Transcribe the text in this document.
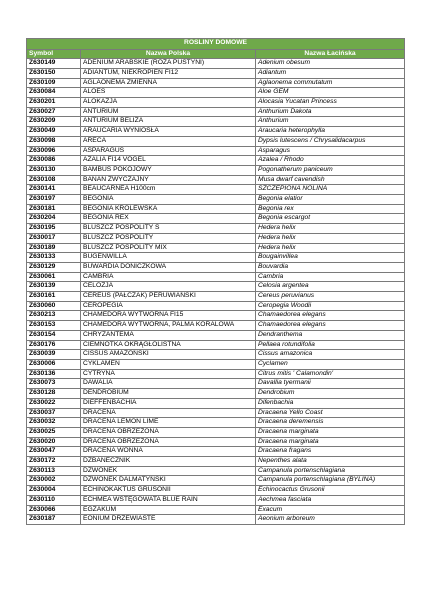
ROŚLINY DOMOWE		
Symbol	Nazwa Polska	Nazwa Łacińska
Z630149	ADENIUM ARABSKIE (RÓŻA PUSTYNI)	Adenium obesum
Z630150	ADIANTUM, NIEKROPIEŃ FI12	Adiantum
Z630109	AGLAONEMA ZMIENNA	Aglaonema commutatum
Z630084	ALOES	Aloe GEM
Z630201	ALOKAZJA	Alocasia Yucatan Princess
Z630027	ANTURIUM	Anthurium Dakota
Z630209	ANTURIUM BELIZA	Anthurium
Z630049	ARAUCARIA WYNIOSŁA	Araucaria heterophylla
Z630098	ARECA	Dypsis lutescens / Chrysalidacarpus
Z630096	ASPARAGUS	Asparagus
Z630086	AZALIA FI14 VOGEL	Azalea / Rhodo
Z630130	BAMBUS POKOJOWY	Pogonatherum paniceum
Z630108	BANAN ZWYCZAJNY	Musa dwarf cavendish
Z630141	BEAUCARNEA H100cm	SZCZEPIONA NOLINA
Z630197	BEGONIA	Begonia elatior
Z630181	BEGONIA KRÓLEWSKA	Begonia rex
Z630204	BEGONIA REX	Begonia escargot
Z630195	BLUSZCZ POSPOLITY S	Hedera helix
Z630017	BLUSZCZ POSPOLITY	Hedera helix
Z630189	BLUSZCZ POSPOLITY MIX	Hedera helix
Z630133	BUGENWILLA	Bougainvillea
Z630129	BUWARDIA DONICZKOWA	Bouvardia
Z630061	CAMBRIA	Cambria
Z630139	CELOZJA	Celosia argentea
Z630161	CEREUS (PAŁCZAK) PERUWIAŃSKI	Cereus peruvianus
Z630060	CEROPEGIA	Ceropegia Woodii
Z630213	CHAMEDORA WYTWORNA FI15	Chamaedorea elegans
Z630153	CHAMEDORA WYTWORNA, PALMA KORALOWA	Chamaedorea elegans
Z630154	CHRYZANTEMA	Dendranthema
Z630176	CIEMNOTKA OKRĄGŁOLISTNA	Pellaea rotundifolia
Z630039	CISSUS AMAZOŃSKI	Cissus amazonica
Z630006	CYKLAMEN	Cyclamen
Z630136	CYTRYNA	Citrus mitis ' Calamondin'
Z630073	DAWALIA	Davallia tyermanii
Z630128	DENDROBIUM	Dendrobium
Z630022	DIEFFENBACHIA	Difenbachia
Z630037	DRACENA	Dracaena Yello Coast
Z630032	DRACENA LEMON LIME	Dracaena deremensis
Z630025	DRACENA OBRZEŻONA	Dracaena marginata
Z630020	DRACENA OBRZEŻONA	Dracaena marginata
Z630047	DRACENA WONNA	Dracaena fragans
Z630172	DZBANECZNIK	Nepenthes alata
Z630113	DZWONEK	Campanula portenschlagiana
Z630002	DZWONEK DALMATYŃSKI	Campanula portenschlagiana (BYLINA)
Z630004	ECHINOKAKTUS GRUSONII	Echinocactus Grusonii
Z630110	ECHMEA WSTĘGOWATA BLUE RAIN	Aechmea fasciata
Z630066	EGZAKUM	Exacum
Z630187	EONIUM DRZEWIASTE	Aeonium arboreum
